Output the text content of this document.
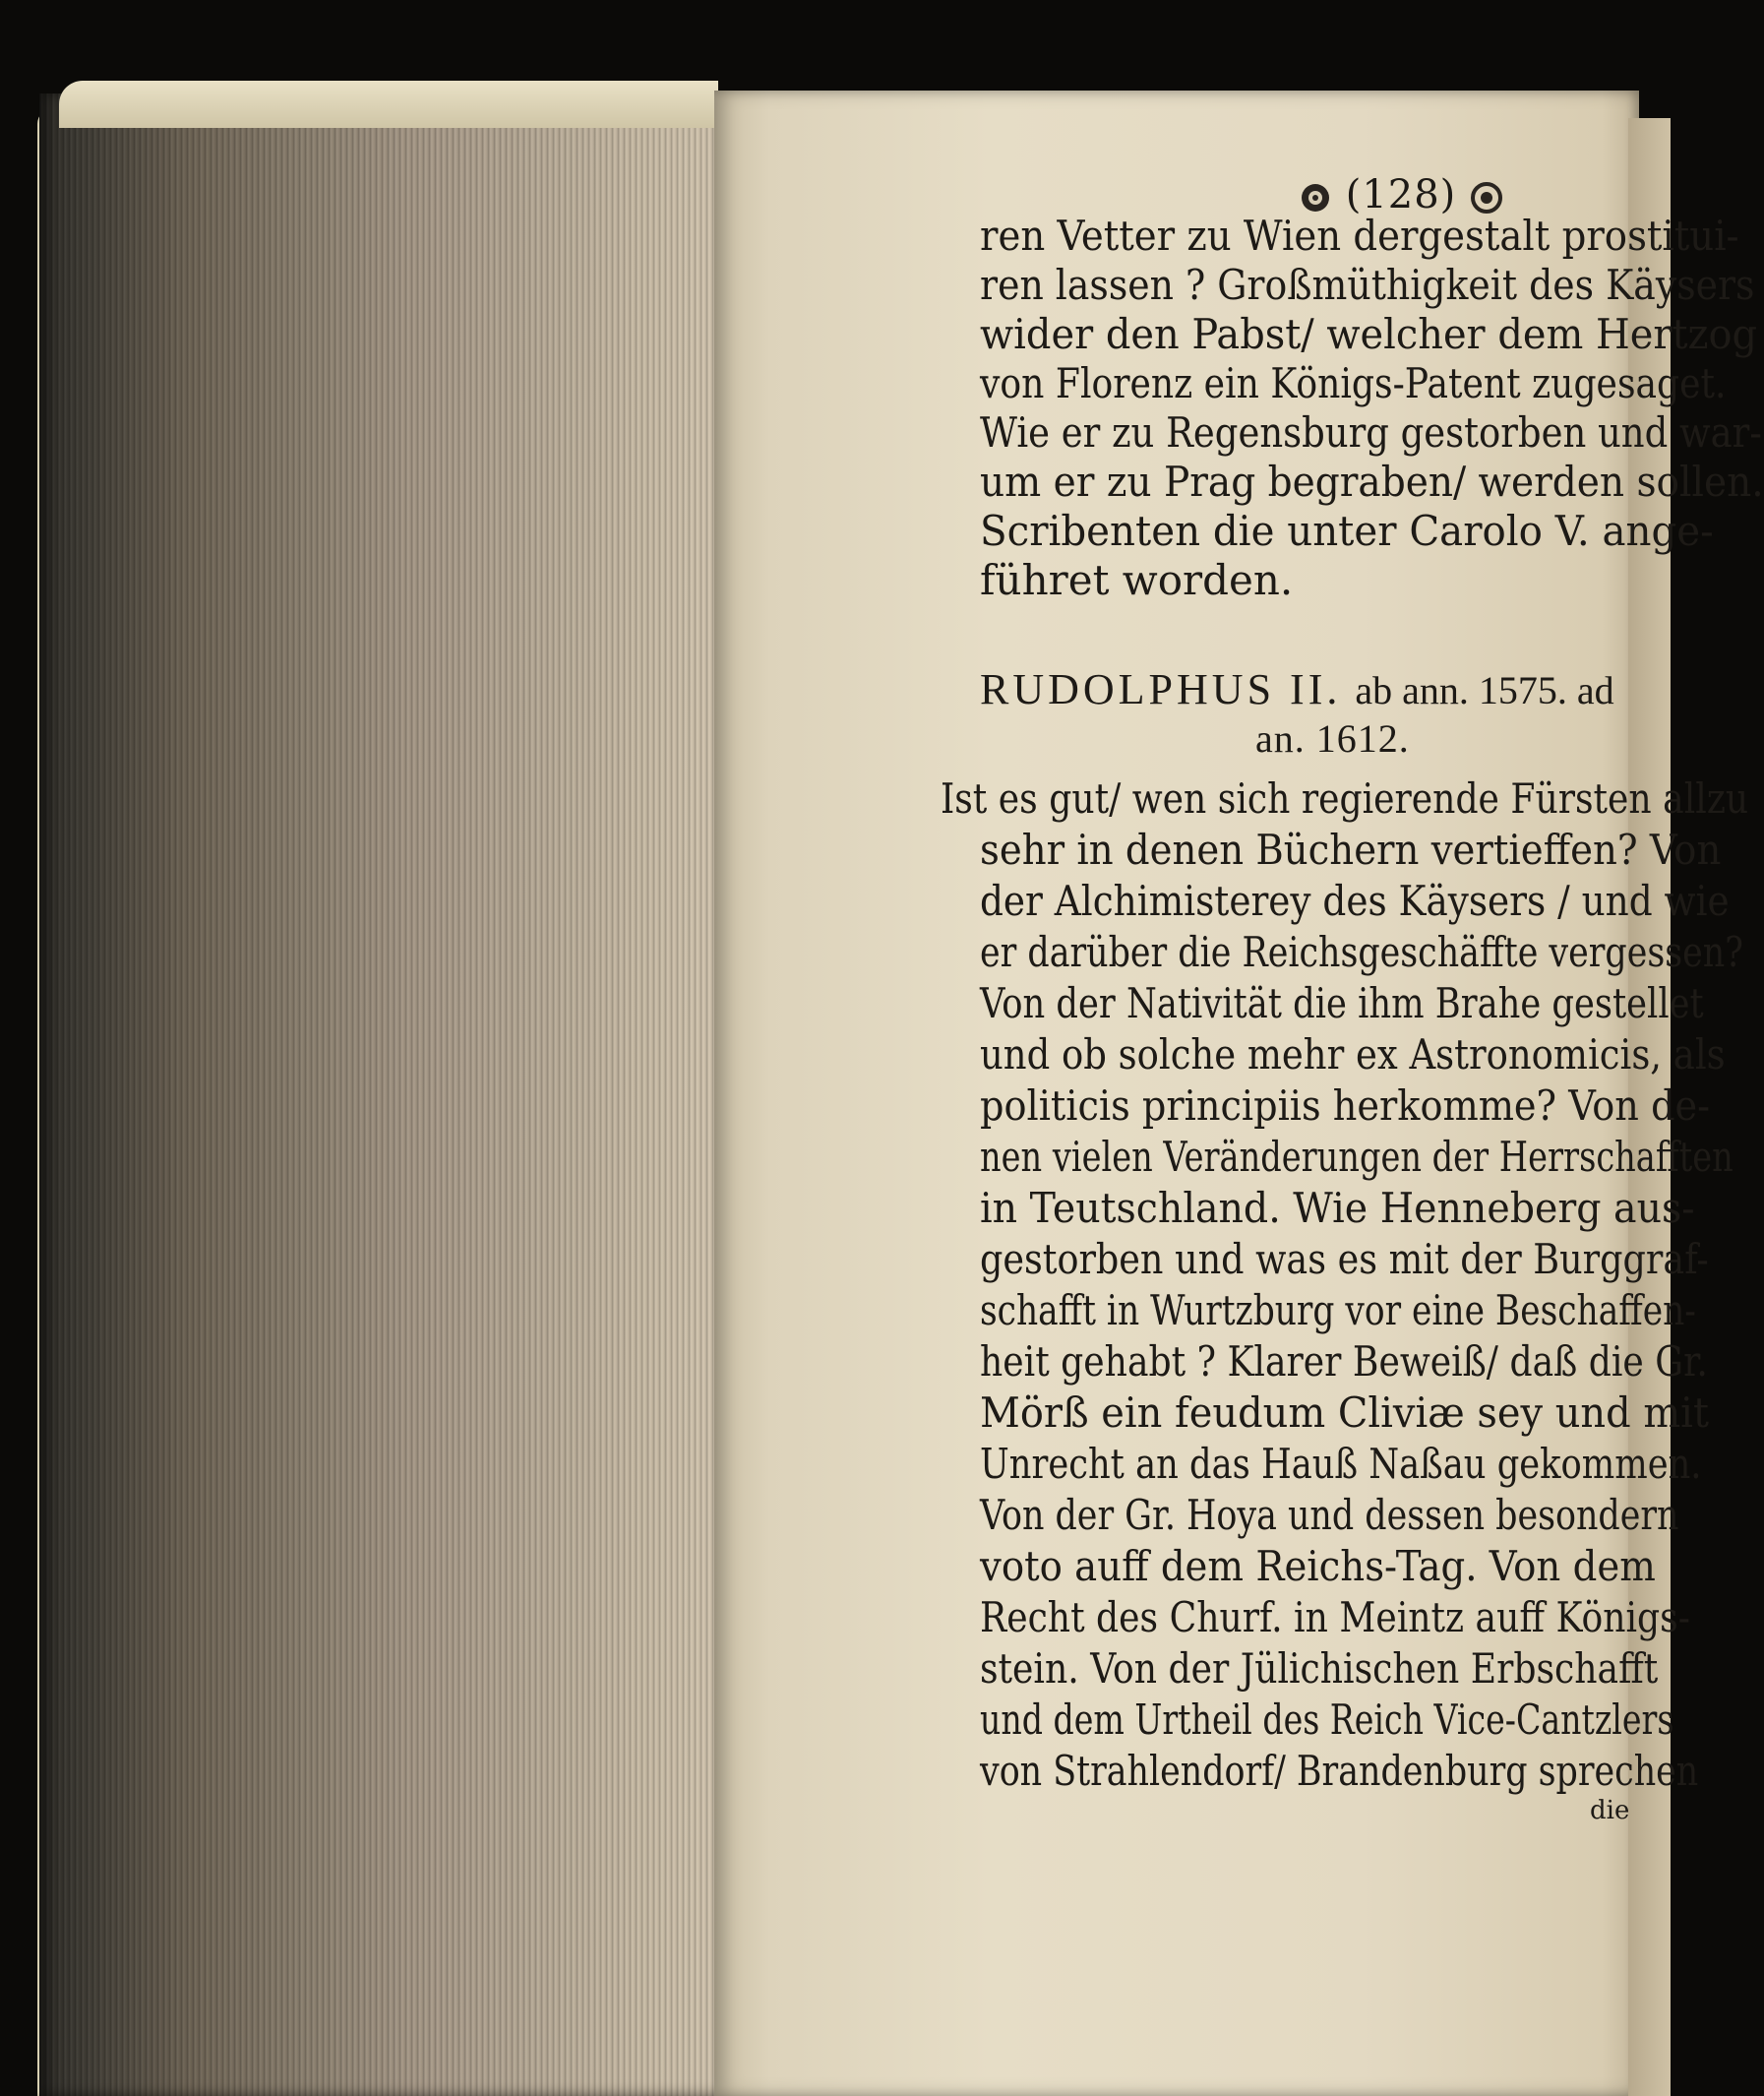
(128)
ren Vetter zu Wien dergestalt prostitui-
ren lassen ? Großmüthigkeit des Käysers
wider den Pabst/ welcher dem Hertzog
von Florenz ein Königs-Patent zugesaget.
Wie er zu Regensburg gestorben und war-
um er zu Prag begraben/ werden sollen.
Scribenten die unter Carolo V. ange-
führet worden.
RUDOLPHUS II. ab ann. 1575. ad
an. 1612.
Ist es gut/ wen sich regierende Fürsten allzu
sehr in denen Büchern vertieffen? Von
der Alchimisterey des Käysers / und wie
er darüber die Reichsgeschäffte vergessen?
Von der Nativität die ihm Brahe gestellet
und ob solche mehr ex Astronomicis, als
politicis principiis herkomme? Von de-
nen vielen Veränderungen der Herrschafften
in Teutschland. Wie Henneberg aus-
gestorben und was es mit der Burggraf-
schafft in Wurtzburg vor eine Beschaffen-
heit gehabt ? Klarer Beweiß/ daß die Gr.
Mörß ein feudum Cliviæ sey und mit
Unrecht an das Hauß Naßau gekommen.
Von der Gr. Hoya und dessen besondern
voto auff dem Reichs-Tag. Von dem
Recht des Churf. in Meintz auff Königs-
stein. Von der Jülichischen Erbschafft
und dem Urtheil des Reich Vice-Cantzlers
von Strahlendorf/ Brandenburg sprechen
die
